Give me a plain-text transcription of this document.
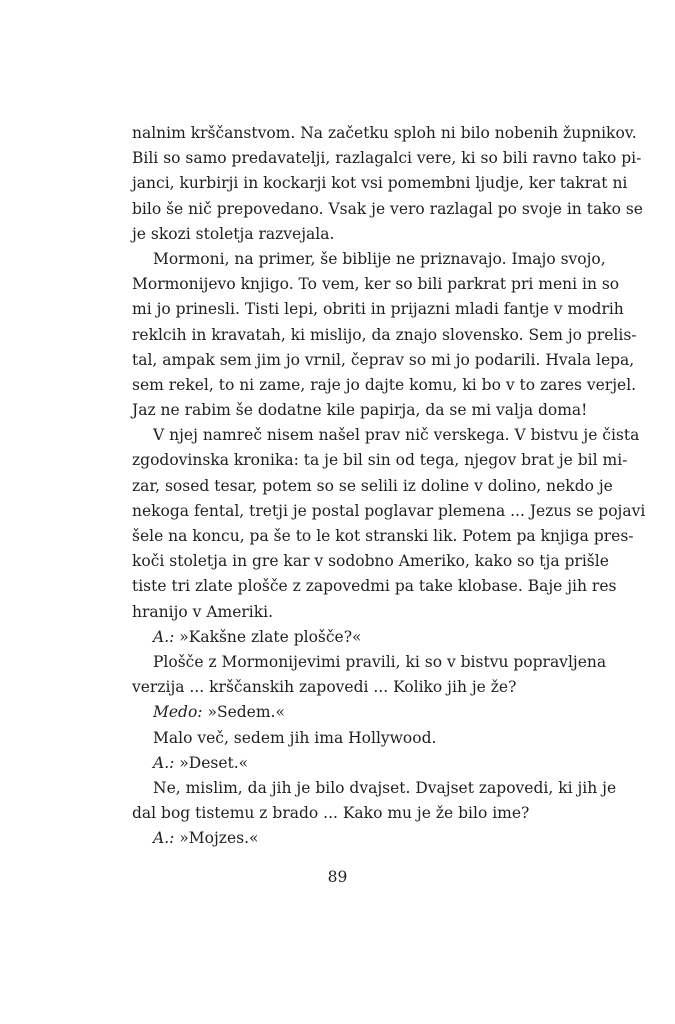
nalnim krščanstvom. Na začetku sploh ni bilo nobenih župnikov.
Bili so samo predavatelji, razlagalci vere, ki so bili ravno tako pi-
janci, kurbirji in kockarji kot vsi pomembni ljudje, ker takrat ni
bilo še nič prepovedano. Vsak je vero razlagal po svoje in tako se
je skozi stoletja razvejala.
Mormoni, na primer, še biblije ne priznavajo. Imajo svojo,
Mormonijevo knjigo. To vem, ker so bili parkrat pri meni in so
mi jo prinesli. Tisti lepi, obriti in prijazni mladi fantje v modrih
reklcih in kravatah, ki mislijo, da znajo slovensko. Sem jo prelis-
tal, ampak sem jim jo vrnil, čeprav so mi jo podarili. Hvala lepa,
sem rekel, to ni zame, raje jo dajte komu, ki bo v to zares verjel.
Jaz ne rabim še dodatne kile papirja, da se mi valja doma!
V njej namreč nisem našel prav nič verskega. V bistvu je čista
zgodovinska kronika: ta je bil sin od tega, njegov brat je bil mi-
zar, sosed tesar, potem so se selili iz doline v dolino, nekdo je
nekoga fental, tretji je postal poglavar plemena ... Jezus se pojavi
šele na koncu, pa še to le kot stranski lik. Potem pa knjiga pres-
koči stoletja in gre kar v sodobno Ameriko, kako so tja prišle
tiste tri zlate plošče z zapovedmi pa take klobase. Baje jih res
hranijo v Ameriki.
A.: »Kakšne zlate plošče?«
Plošče z Mormonijevimi pravili, ki so v bistvu popravljena
verzija ... krščanskih zapovedi ... Koliko jih je že?
Medo: »Sedem.«
Malo več, sedem jih ima Hollywood.
A.: »Deset.«
Ne, mislim, da jih je bilo dvajset. Dvajset zapovedi, ki jih je
dal bog tistemu z brado ... Kako mu je že bilo ime?
A.: »Mojzes.«
89
